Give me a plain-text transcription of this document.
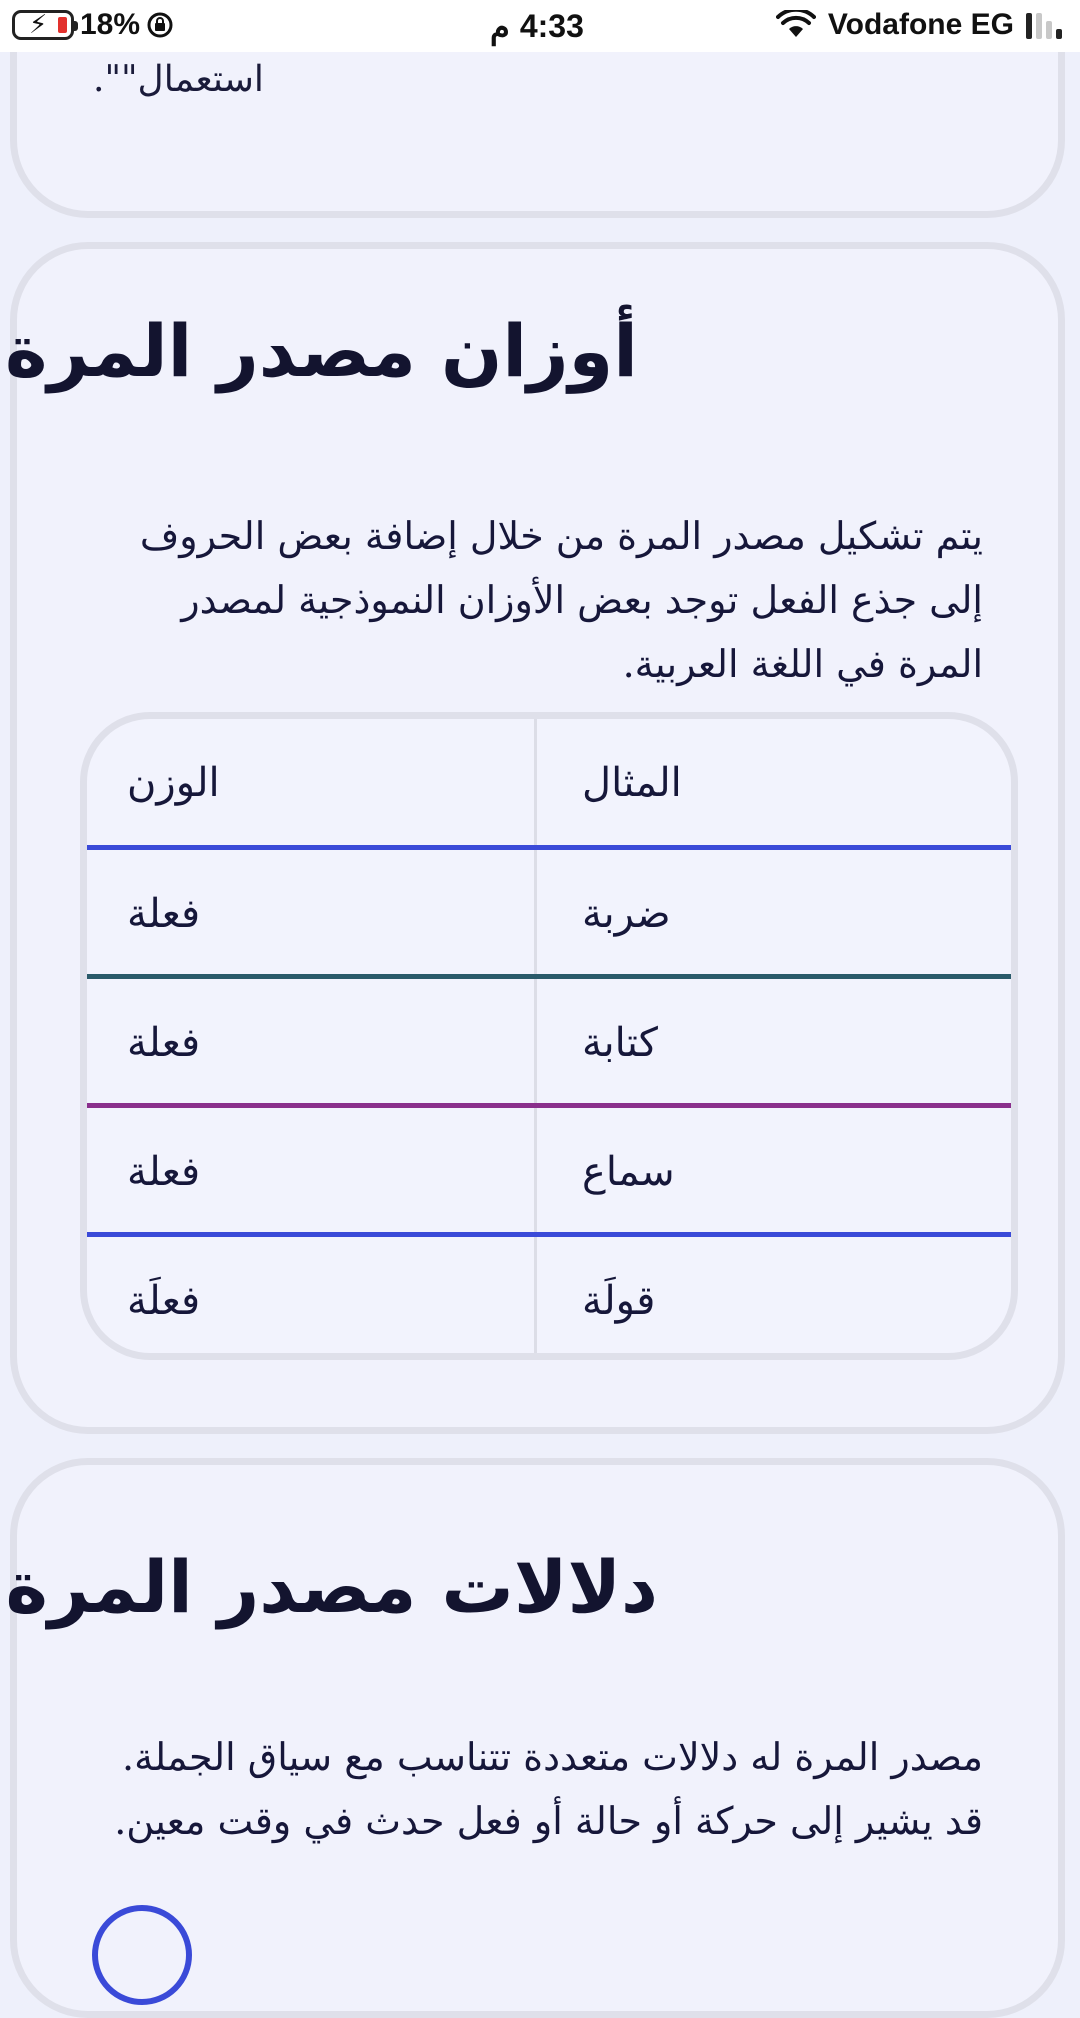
⚡ 18%	م 4:33	Vodafone EG
استعمال"".
أوزان مصدر المرة
يتم تشكيل مصدر المرة من خلال إضافة بعض الحروف إلى جذع الفعل توجد بعض الأوزان النموذجية لمصدر المرة في اللغة العربية.
الوزن	المثال
فعلة	ضربة
فعلة	كتابة
فعلة	سماع
فعلَة	قولَة
دلالات مصدر المرة
مصدر المرة له دلالات متعددة تتناسب مع سياق الجملة. قد يشير إلى حركة أو حالة أو فعل حدث في وقت معين.
